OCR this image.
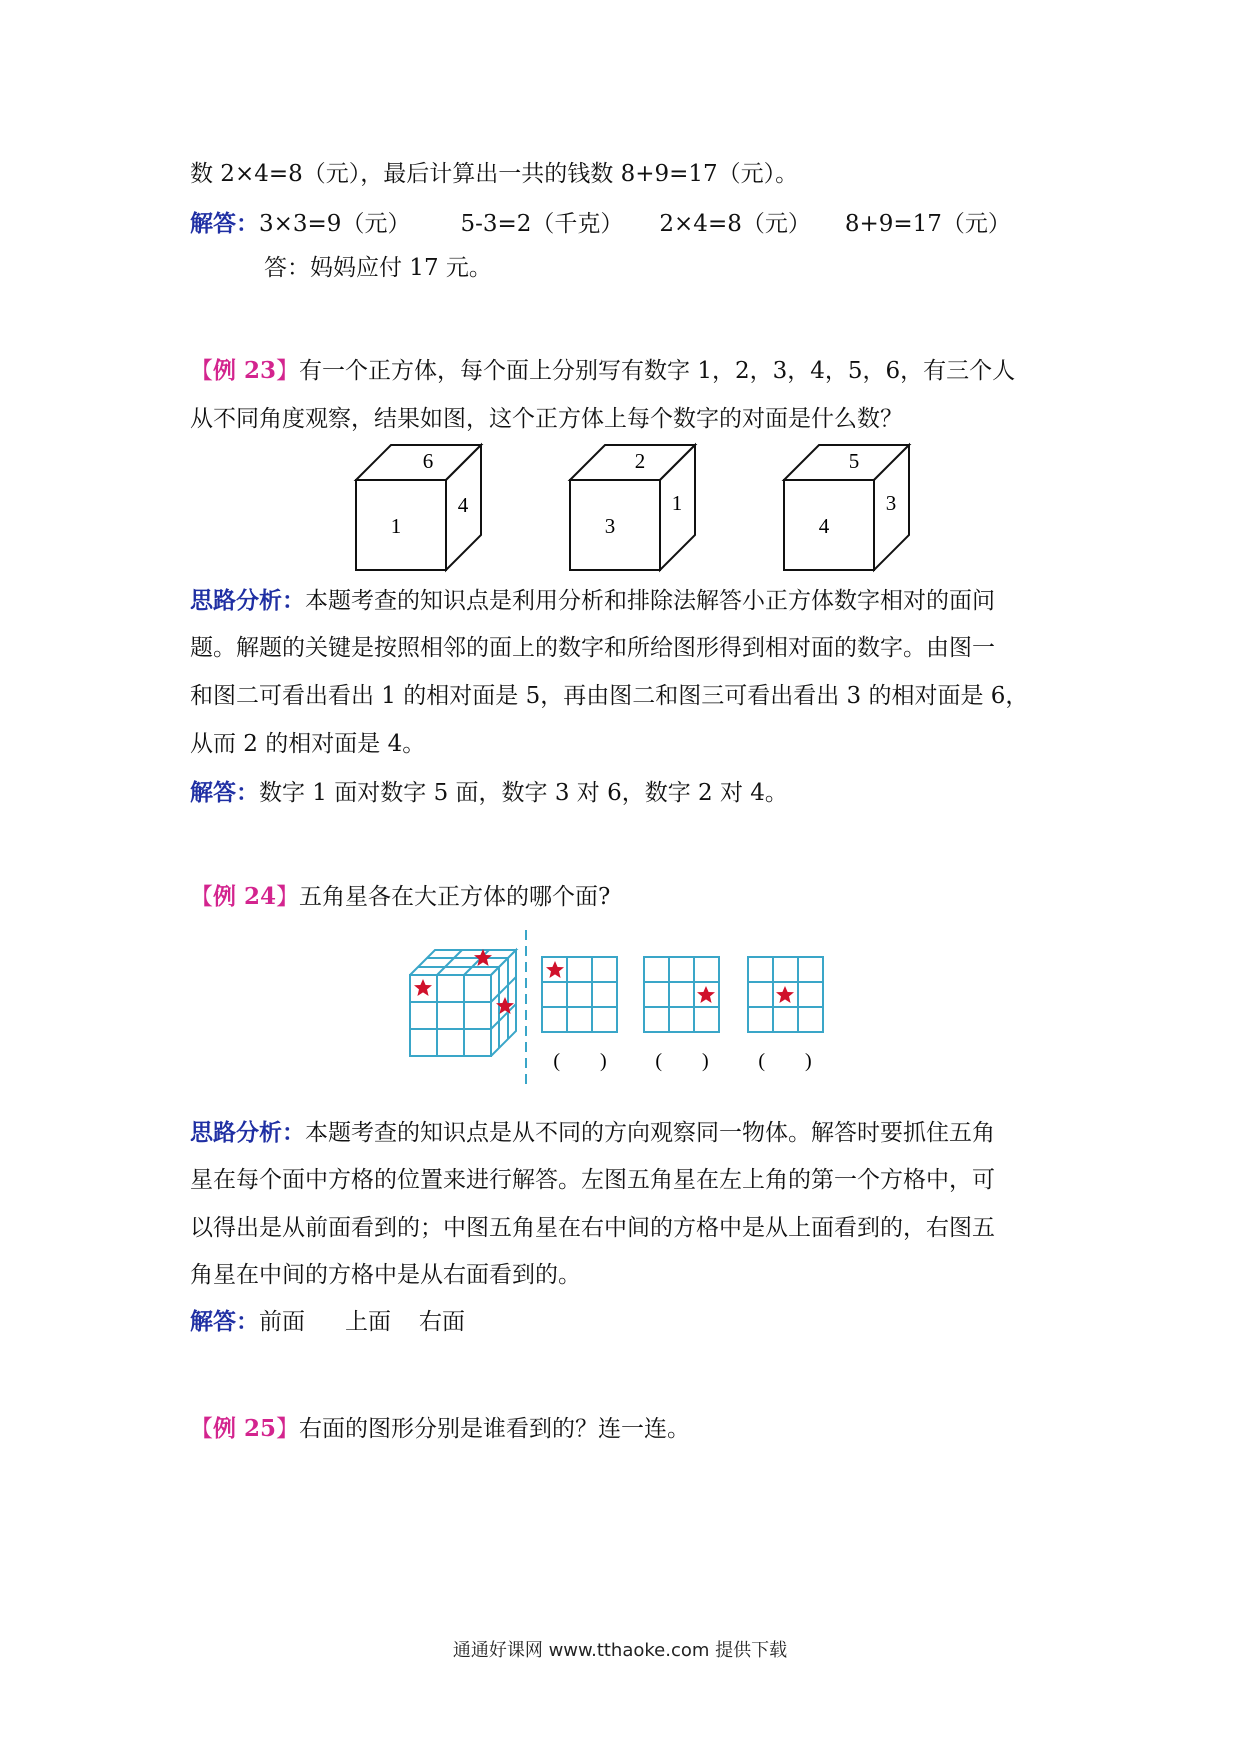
数 2×4=8（元），最后计算出一共的钱数 8+9=17（元）。
解答：3×3=9（元） 5-3=2（千克） 2×4=8（元） 8+9=17（元）
答：妈妈应付 17 元。
【例 23】有一个正方体，每个面上分别写有数字 1，2，3，4，5，6，有三个人
从不同角度观察，结果如图，这个正方体上每个数字的对面是什么数？
6
1
4
2
3
1
5
4
3
思路分析：本题考查的知识点是利用分析和排除法解答小正方体数字相对的面问
题。解题的关键是按照相邻的面上的数字和所给图形得到相对面的数字。由图一
和图二可看出看出 1 的相对面是 5，再由图二和图三可看出看出 3 的相对面是 6，
从而 2 的相对面是 4。
解答：数字 1 面对数字 5 面，数字 3 对 6，数字 2 对 4。
【例 24】五角星各在大正方体的哪个面?
(        ) (        ) (        )
思路分析：本题考查的知识点是从不同的方向观察同一物体。解答时要抓住五角
星在每个面中方格的位置来进行解答。左图五角星在左上角的第一个方格中，可
以得出是从前面看到的；中图五角星在右中间的方格中是从上面看到的，右图五
角星在中间的方格中是从右面看到的。
解答：前面 上面 右面
【例 25】右面的图形分别是谁看到的？连一连。
通通好课网 www.tthaoke.com 提供下载
